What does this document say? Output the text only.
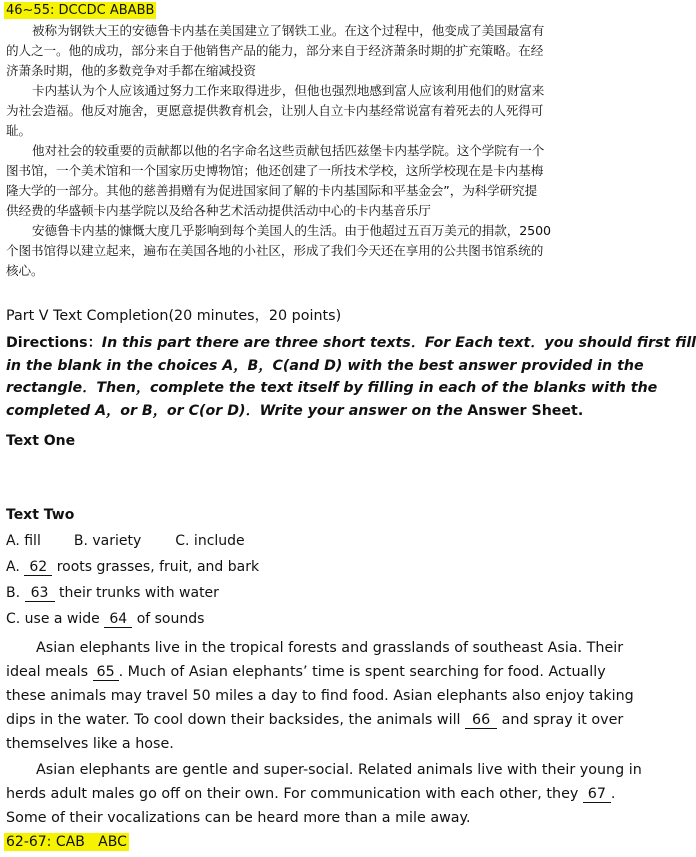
46~55: DCCDC ABABB
被称为钢铁大王的安德鲁卡内基在美国建立了钢铁工业。在这个过程中，他变成了美国最富有
的人之一。他的成功，部分来自于他销售产品的能力，部分来自于经济萧条时期的扩充策略。在经
济萧条时期，他的多数竞争对手都在缩减投资
卡内基认为个人应该通过努力工作来取得进步，但他也强烈地感到富人应该利用他们的财富来
为社会造福。他反对施舍，更愿意提供教育机会，让别人自立卡内基经常说富有着死去的人死得可
耻。
他对社会的较重要的贡献都以他的名字命名这些贡献包括匹兹堡卡内基学院。这个学院有一个
图书馆，一个美术馆和一个国家历史博物馆；他还创建了一所技术学校，这所学校现在是卡内基梅
隆大学的一部分。其他的慈善捐赠有为促进国家间了解的卡内基国际和平基金会”，为科学研究提
供经费的华盛顿卡内基学院以及给各种艺术活动提供活动中心的卡内基音乐厅
安德鲁卡内基的慷慨大度几乎影响到每个美国人的生活。由于他超过五百万美元的捐款，2500
个图书馆得以建立起来，遍布在美国各地的小社区，形成了我们今天还在享用的公共图书馆系统的
核心。
Part V Text Completion(20 minutes，20 points)
Directions：In this part there are three short texts．For Each text．you should first fill
in the blank in the choices A，B，C(and D) with the best answer provided in the
rectangle．Then，complete the text itself by filling in each of the blanks with the
completed A，or B，or C(or D)．Write your answer on the Answer Sheet.
Text One
Text Two
A. fill B. variety C. include
A. 62 roots grasses, fruit, and bark
B. 63 their trunks with water
C. use a wide 64 of sounds
Asian elephants live in the tropical forests and grasslands of southeast Asia. Their
ideal meals 65 . Much of Asian elephants’ time is spent searching for food. Actually
these animals may travel 50 miles a day to find food. Asian elephants also enjoy taking
dips in the water. To cool down their backsides, the animals will 66 and spray it over
themselves like a hose.
Asian elephants are gentle and super-social. Related animals live with their young in
herds adult males go off on their own. For communication with each other, they 67 .
Some of their vocalizations can be heard more than a mile away.
62-67: CAB   ABC
